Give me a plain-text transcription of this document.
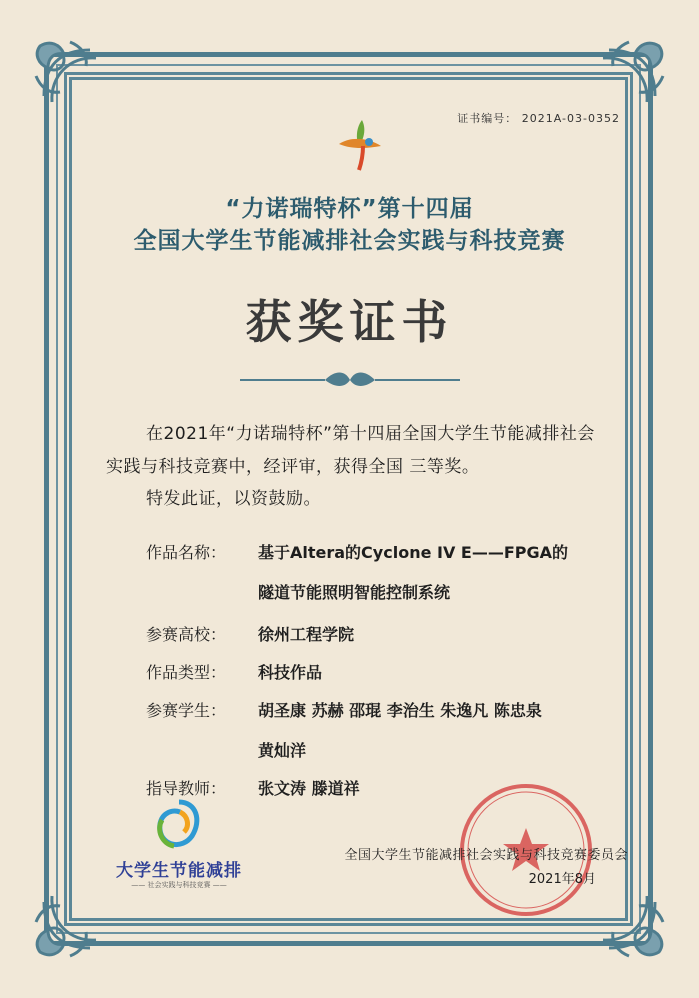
证书编号： 2021A-03-0352
“力诺瑞特杯”第十四届
全国大学生节能减排社会实践与科技竞赛
获奖证书
在2021年“力诺瑞特杯”第十四届全国大学生节能减排社会实践与科技竞赛中，经评审，获得全国 三等奖。
特发此证，以资鼓励。
作品名称： 基于Altera的Cyclone IV E——FPGA的
隧道节能照明智能控制系统
参赛高校： 徐州工程学院
作品类型： 科技作品
参赛学生： 胡圣康 苏赫 邵琨 李治生 朱逸凡 陈忠泉
黄灿洋
指导教师： 张文涛 滕道祥
大学生节能减排
—— 社会实践与科技竞赛 ——
全国大学生节能减排社会实践与科技竞赛委员会
2021年8月
